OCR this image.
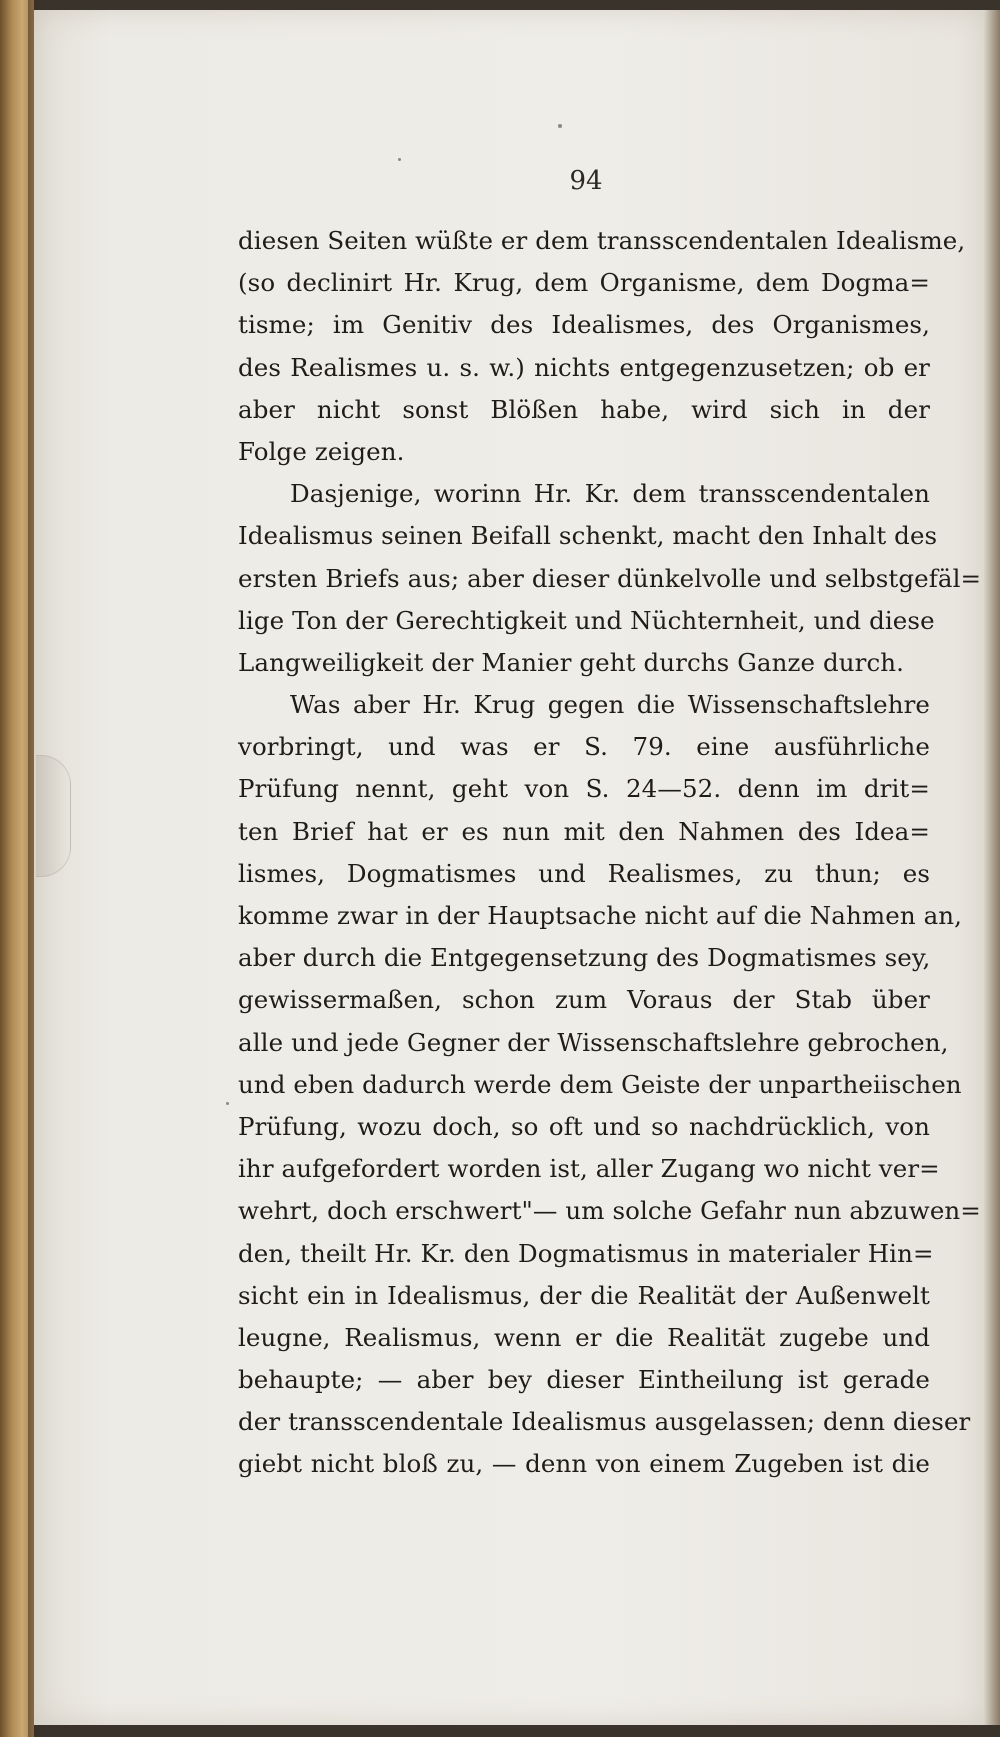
94
diesen Seiten wüßte er dem transscendentalen Idealisme,
(so declinirt Hr. Krug, dem Organisme, dem Dogma=
tisme; im Genitiv des Idealismes, des Organismes,
des Realismes u. s. w.) nichts entgegenzusetzen; ob er
aber nicht sonst Blößen habe, wird sich in der
Folge zeigen.
Dasjenige, worinn Hr. Kr. dem transscendentalen
Idealismus seinen Beifall schenkt, macht den Inhalt des
ersten Briefs aus; aber dieser dünkelvolle und selbstgefäl=
lige Ton der Gerechtigkeit und Nüchternheit, und diese
Langweiligkeit der Manier geht durchs Ganze durch.
Was aber Hr. Krug gegen die Wissenschaftslehre
vorbringt, und was er S. 79. eine ausführliche
Prüfung nennt, geht von S. 24—52. denn im drit=
ten Brief hat er es nun mit den Nahmen des Idea=
lismes, Dogmatismes und Realismes, zu thun; es
komme zwar in der Hauptsache nicht auf die Nahmen an,
aber durch die Entgegensetzung des Dogmatismes sey,
gewissermaßen, schon zum Voraus der Stab über
alle und jede Gegner der Wissenschaftslehre gebrochen,
und eben dadurch werde dem Geiste der unpartheiischen
Prüfung, wozu doch, so oft und so nachdrücklich, von
ihr aufgefordert worden ist, aller Zugang wo nicht ver=
wehrt, doch erschwert"— um solche Gefahr nun abzuwen=
den, theilt Hr. Kr. den Dogmatismus in materialer Hin=
sicht ein in Idealismus, der die Realität der Außenwelt
leugne, Realismus, wenn er die Realität zugebe und
behaupte; — aber bey dieser Eintheilung ist gerade
der transscendentale Idealismus ausgelassen; denn dieser
giebt nicht bloß zu, — denn von einem Zugeben ist die
